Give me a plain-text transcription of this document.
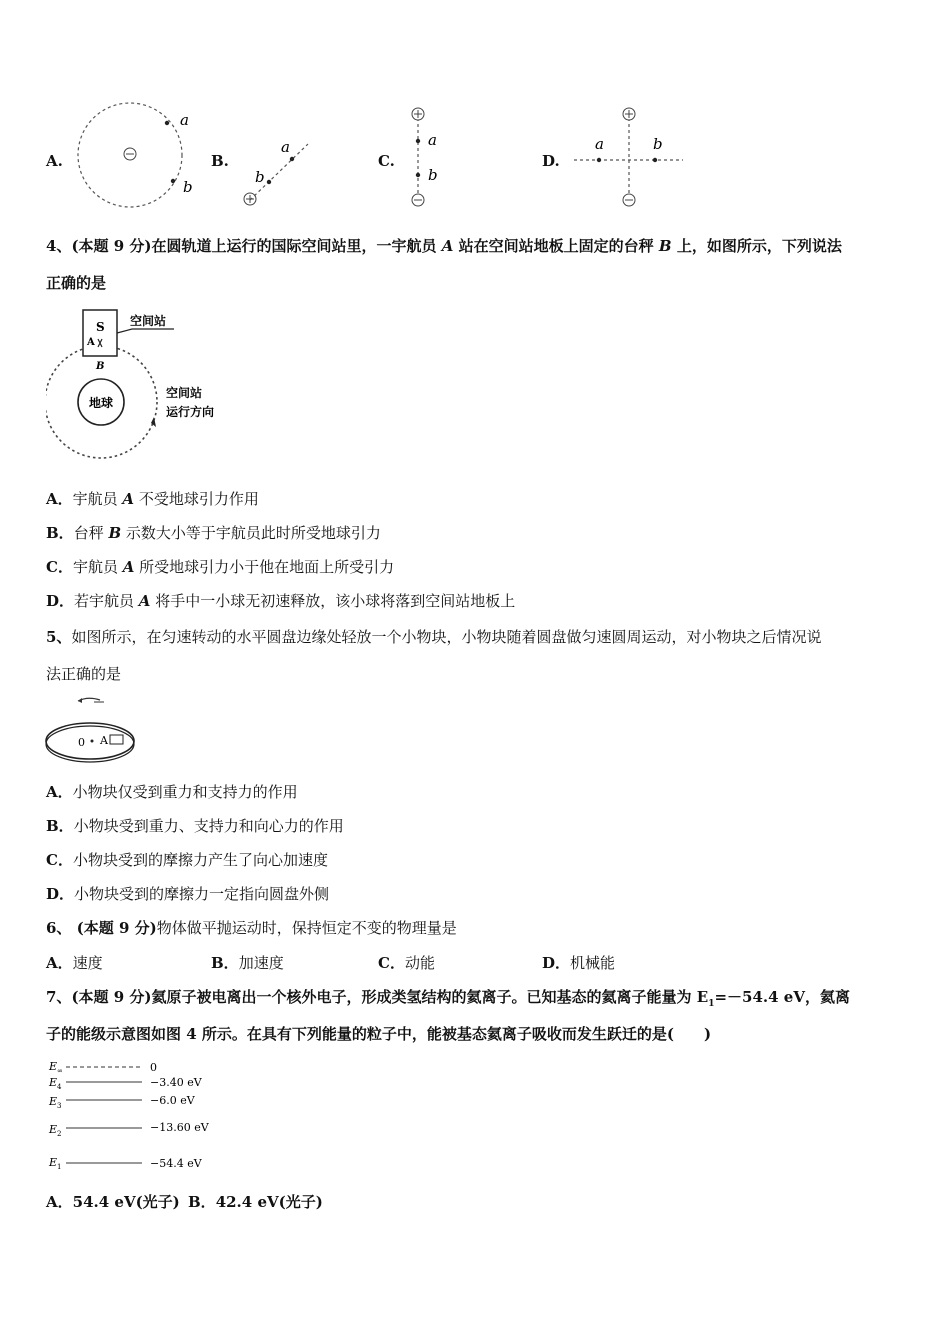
A.
a
b
B.
a
b
C.
a
b
D.
a	b
4、(本题 9 分)在圆轨道上运行的国际空间站里，一宇航员 A 站在空间站地板上固定的台秤 B 上，如图所示，下列说法
正确的是
地球
S
A
B
空间站
空间站
运行方向
A．宇航员 A 不受地球引力作用
B．台秤 B 示数大小等于宇航员此时所受地球引力
C．宇航员 A 所受地球引力小于他在地面上所受引力
D．若宇航员 A 将手中一小球无初速释放，该小球将落到空间站地板上
5、如图所示，在匀速转动的水平圆盘边缘处轻放一个小物块，小物块随着圆盘做匀速圆周运动，对小物块之后情况说
法正确的是
0 A
A．小物块仅受到重力和支持力的作用
B．小物块受到重力、支持力和向心力的作用
C．小物块受到的摩擦力产生了向心加速度
D．小物块受到的摩擦力一定指向圆盘外侧
6、 (本题 9 分)物体做平抛运动时，保持恒定不变的物理量是
A．速度	B．加速度	C．动能	D．机械能
7、(本题 9 分)氦原子被电离出一个核外电子，形成类氢结构的氦离子。已知基态的氦离子能量为 $E_1=-54.4$ eV，氦离
子的能级示意图如图 4 所示。在具有下列能量的粒子中，能被基态氦离子吸收而发生跃迁的是(　　)
E ∞	0
E 4	−3.40 eV
E 3	−6.0 eV
E 2	−13.60 eV
E 1	−54.4 eV
A．54.4 eV(光子) B．42.4 eV(光子)
